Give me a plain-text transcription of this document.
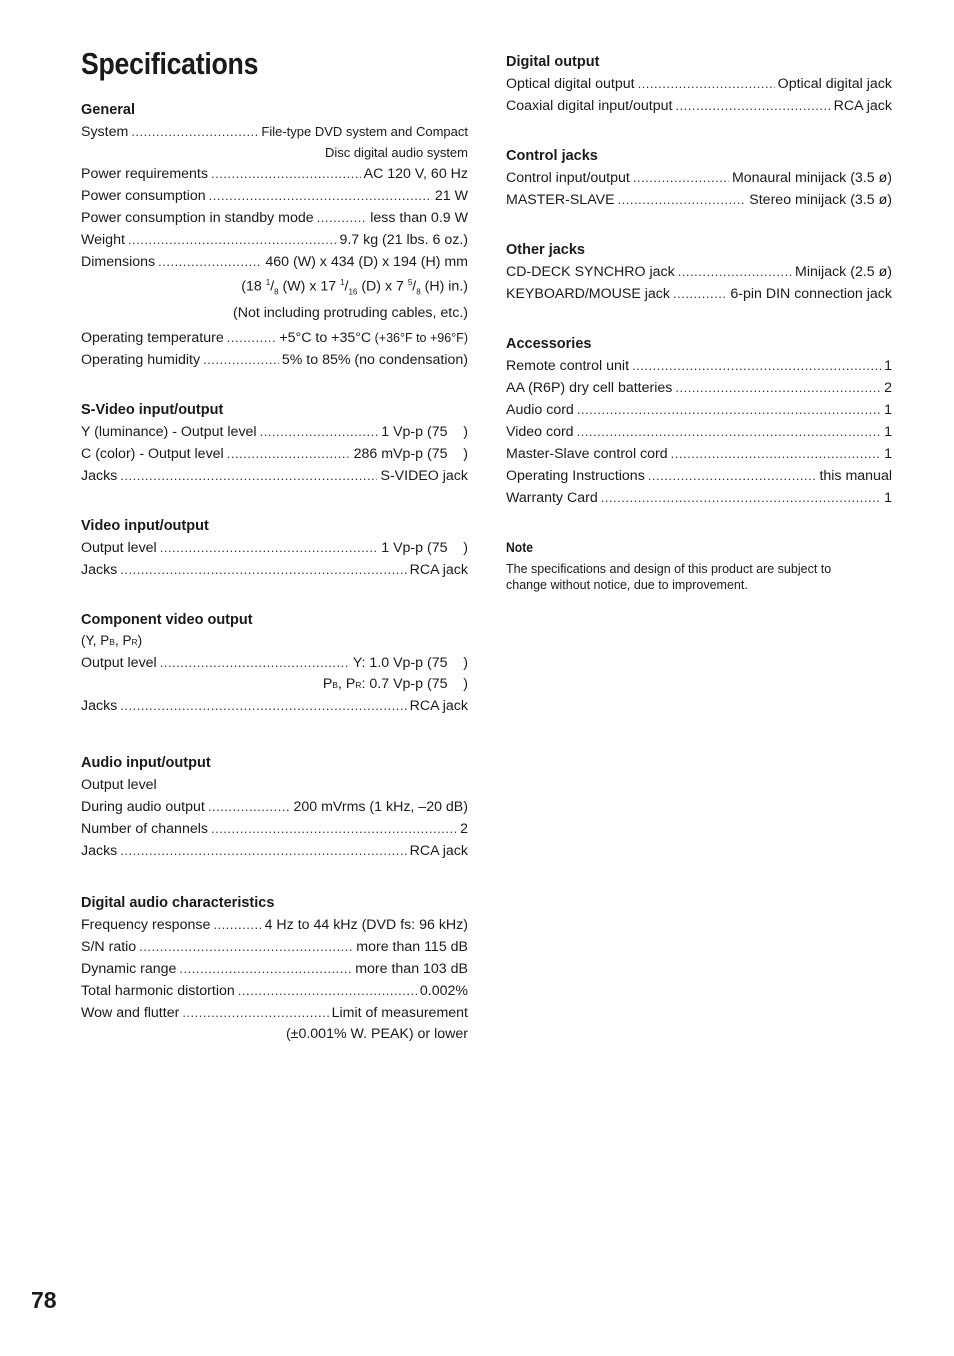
Specifications
General
System .....	File-type DVD system and Compact
Disc digital audio system
Power requirements .....	AC 120 V, 60 Hz
Power consumption .....	21 W
Power consumption in standby mode .....	less than 0.9 W
Weight .....	9.7 kg (21 lbs. 6 oz.)
Dimensions .....	460 (W) x 434 (D) x 194 (H) mm
(18 $^1/_8$ (W) x 17 $^1/_{16}$ (D) x 7 $^5/_8$ (H) in.)
(Not including protruding cables, etc.)
Operating temperature .....	+5°C to +35°C (+36°F to +96°F)
Operating humidity .....	5% to 85% (no condensation)
S-Video input/output
Y (luminance) - Output level .....	1 Vp-p (75    )
C (color) - Output level .....	286 mVp-p (75    )
Jacks .....	S-VIDEO jack
Video input/output
Output level .....	1 Vp-p (75    )
Jacks .....	RCA jack
Component video output
(Y, PB, PR)
Output level .....	Y: 1.0 Vp-p (75    )
PB, PR: 0.7 Vp-p (75    )
Jacks .....	RCA jack
Audio input/output
Output level
During audio output .....	200 mVrms (1 kHz, –20 dB)
Number of channels .....	2
Jacks .....	RCA jack
Digital audio characteristics
Frequency response .....	4 Hz to 44 kHz (DVD fs: 96 kHz)
S/N ratio .....	more than 115 dB
Dynamic range .....	more than 103 dB
Total harmonic distortion .....	0.002%
Wow and flutter .....	Limit of measurement
(±0.001% W. PEAK) or lower
Digital output
Optical digital output .....	Optical digital jack
Coaxial digital input/output .....	RCA jack
Control jacks
Control input/output .....	Monaural minijack (3.5 ø)
MASTER-SLAVE .....	Stereo minijack (3.5 ø)
Other jacks
CD-DECK SYNCHRO jack .....	Minijack (2.5 ø)
KEYBOARD/MOUSE jack .....	6-pin DIN connection jack
Accessories
Remote control unit .....	1
AA (R6P) dry cell batteries .....	2
Audio cord .....	1
Video cord .....	1
Master-Slave control cord .....	1
Operating Instructions .....	this manual
Warranty Card .....	1
Note
The specifications and design of this product are subject to
change without notice, due to improvement.
78
